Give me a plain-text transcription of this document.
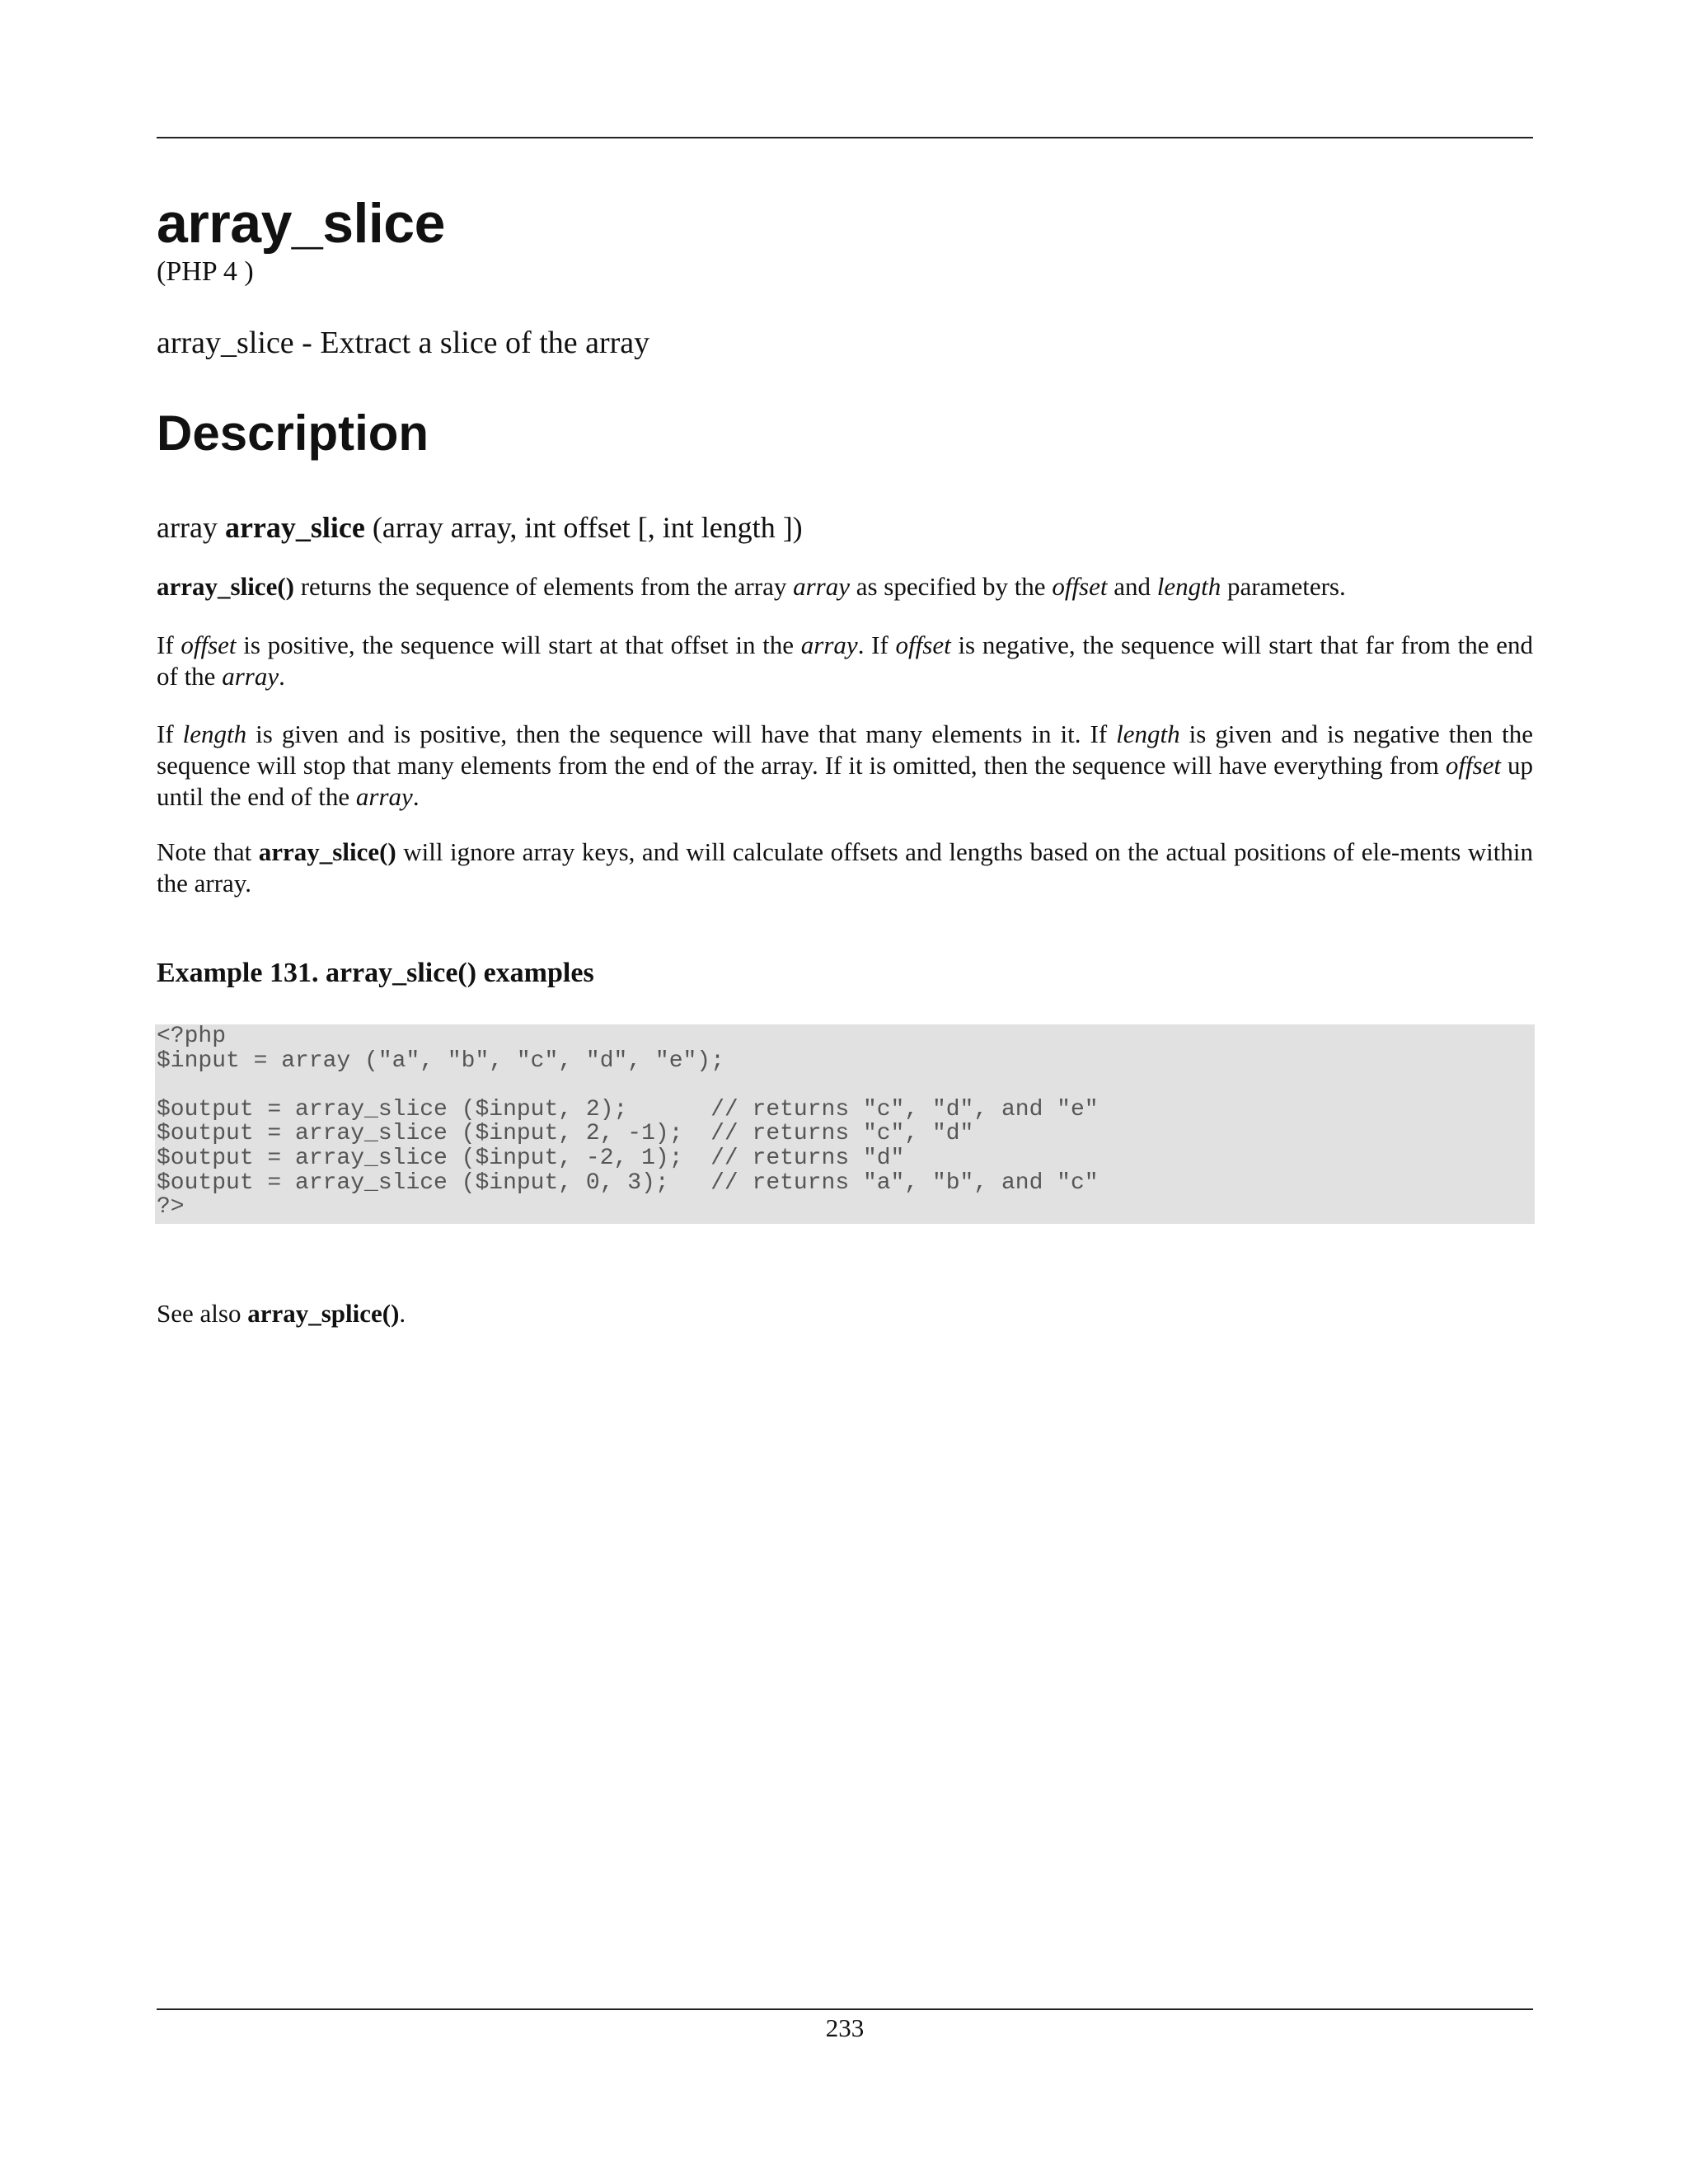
array_slice
(PHP 4 )
array_slice - Extract a slice of the array
Description
array array_slice (array array, int offset [, int length ])

array_slice() returns the sequence of elements from the array array as specified by the offset and length parameters.

If offset is positive, the sequence will start at that offset in the array. If offset is negative, the sequence will start that far from the end of the array.

If length is given and is positive, then the sequence will have that many elements in it. If length is given and is negative then the sequence will stop that many elements from the end of the array. If it is omitted, then the sequence will have everything from offset up until the end of the array.

Note that array_slice() will ignore array keys, and will calculate offsets and lengths based on the actual positions of ele-ments within the array.

Example 131. array_slice() examples
<?php
$input = array ("a", "b", "c", "d", "e");
$output = array_slice ($input, 2);      // returns "c", "d", and "e"
$output = array_slice ($input, 2, -1);  // returns "c", "d"
$output = array_slice ($input, -2, 1);  // returns "d"
$output = array_slice ($input, 0, 3);   // returns "a", "b", and "c"
?>
See also array_splice().
233
